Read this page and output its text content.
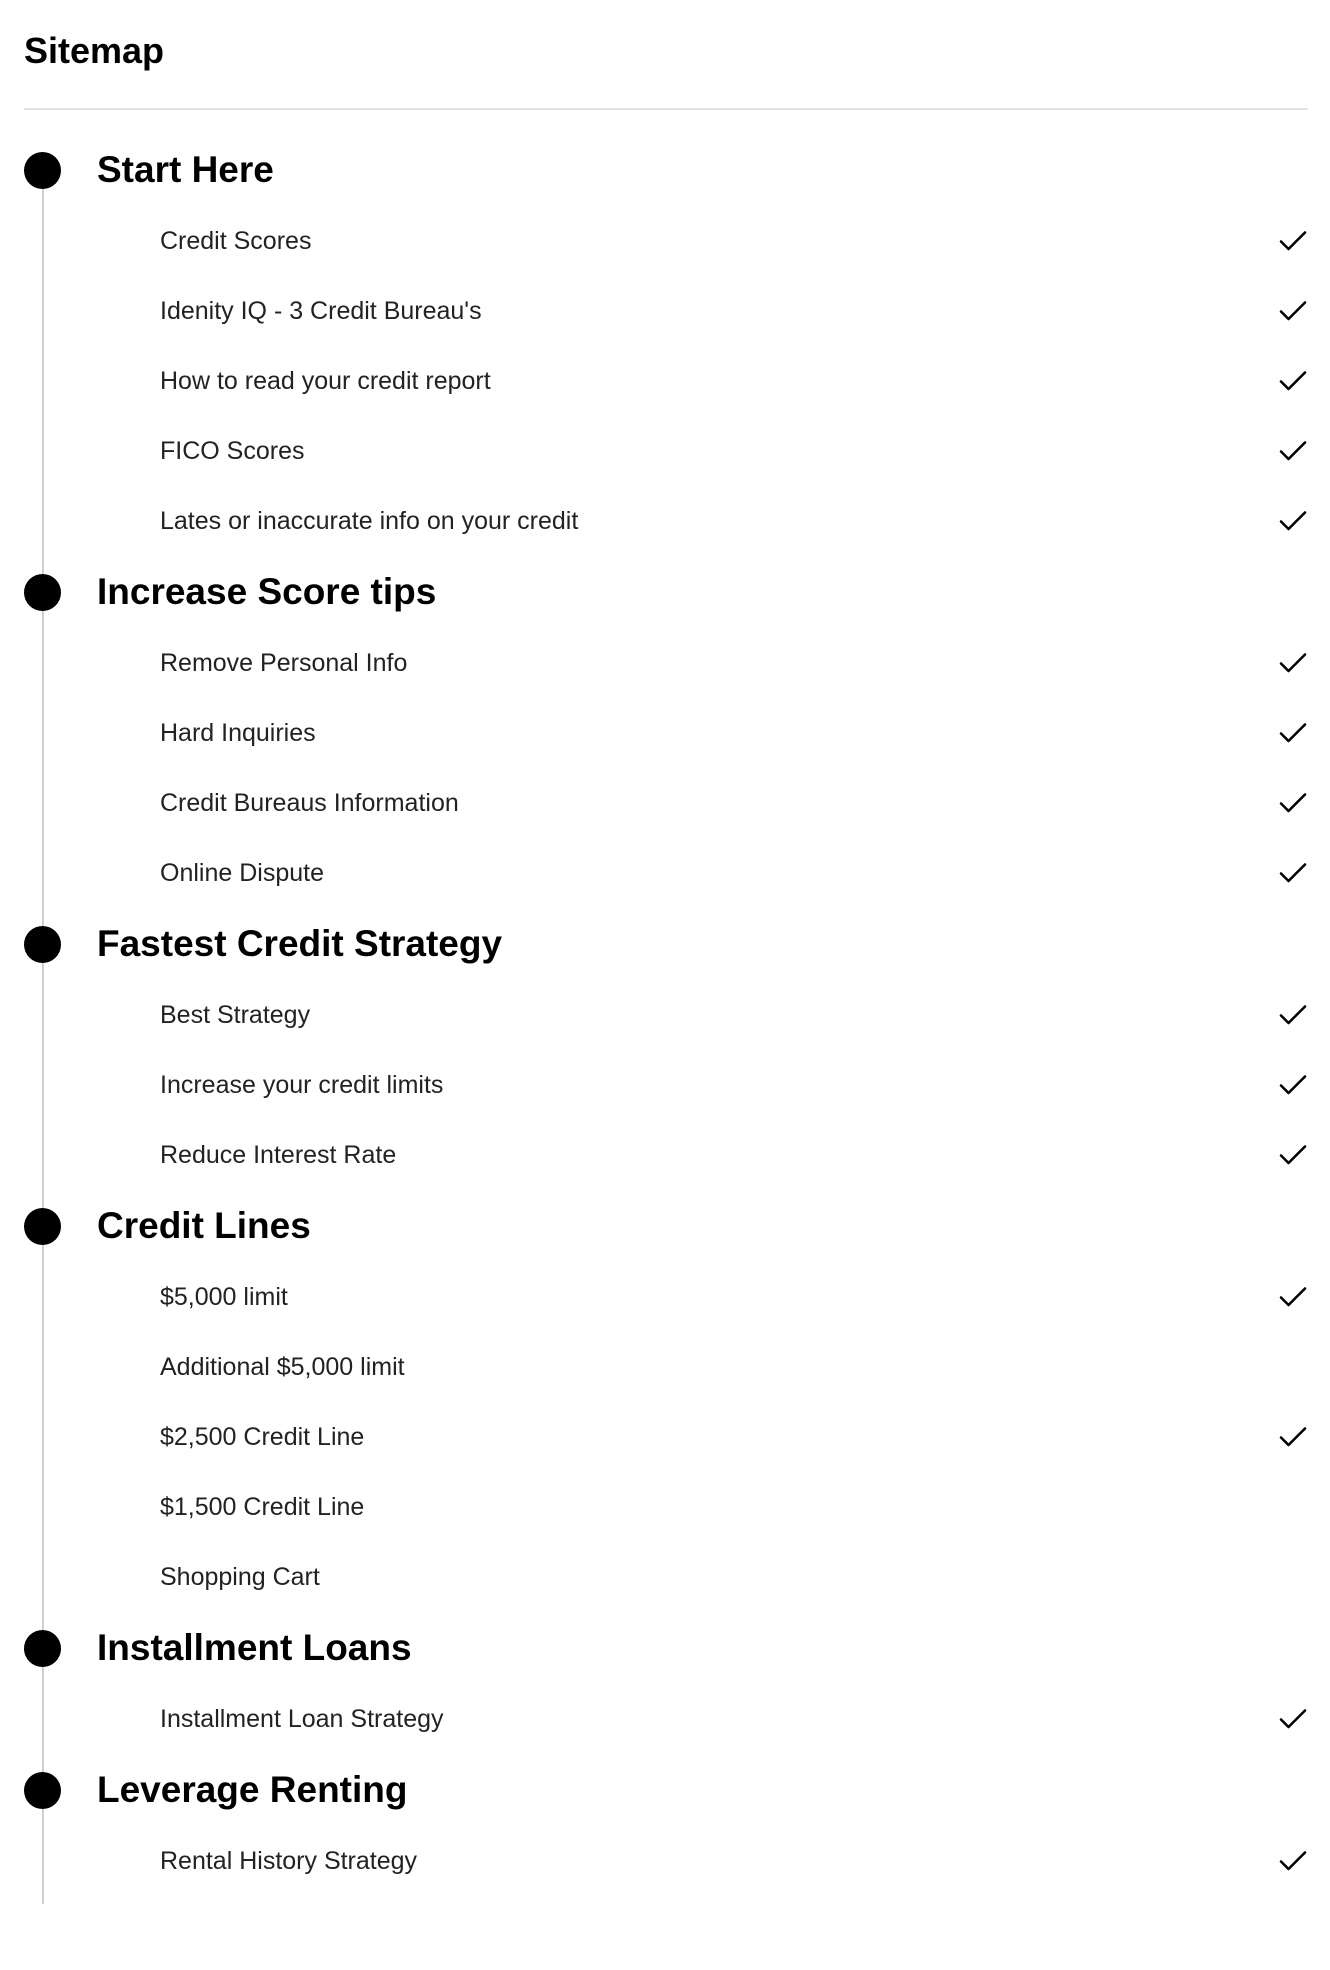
Sitemap
Start Here
Credit Scores
Idenity IQ - 3 Credit Bureau's
How to read your credit report
FICO Scores
Lates or inaccurate info on your credit
Increase Score tips
Remove Personal Info
Hard Inquiries
Credit Bureaus Information
Online Dispute
Fastest Credit Strategy
Best Strategy
Increase your credit limits
Reduce Interest Rate
Credit Lines
$5,000 limit
Additional $5,000 limit
$2,500 Credit Line
$1,500 Credit Line
Shopping Cart
Installment Loans
Installment Loan Strategy
Leverage Renting
Rental History Strategy
